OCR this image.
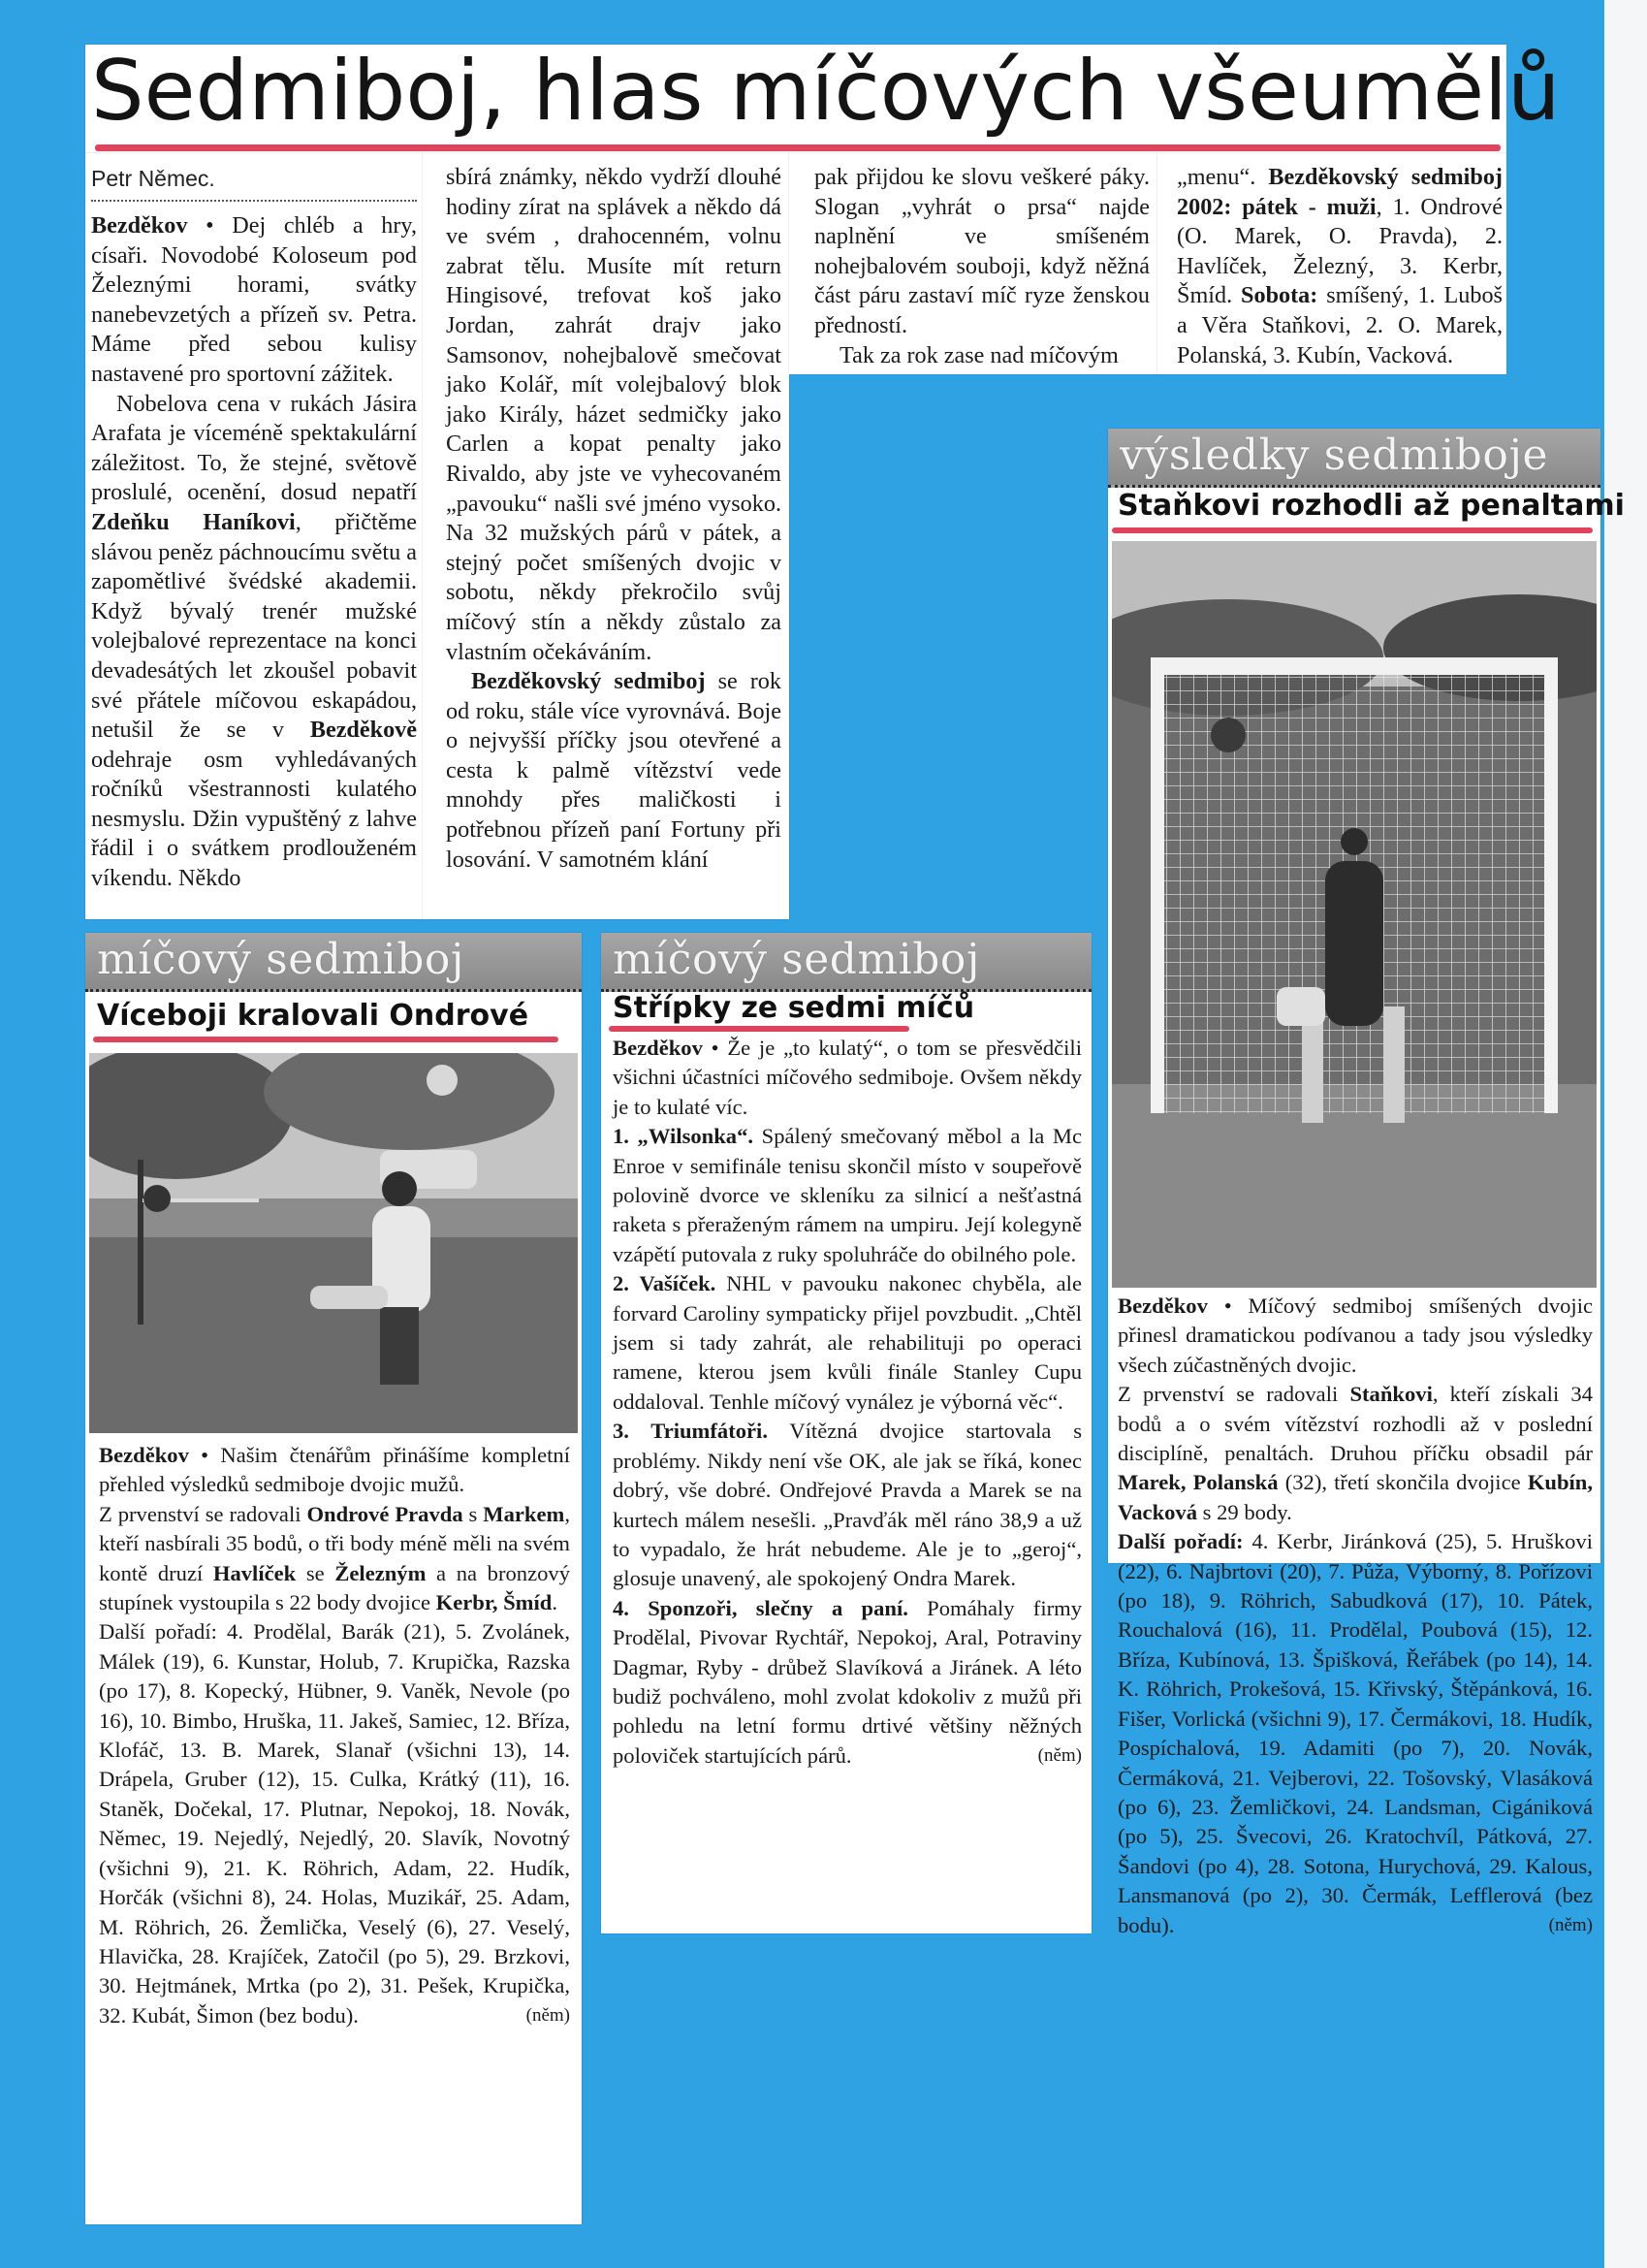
Sedmiboj, hlas míčových všeumělů
Petr Němec.

Bezděkov • Dej chléb a hry, císaři. Novodobé Koloseum pod Železnými horami, svátky nanebevzetých a přízeň sv. Petra. Máme před sebou kulisy nastavené pro sportovní zážitek.

Nobelova cena v rukách Jásira Arafata je víceméně spektakulární záležitost. To, že stejné, světově proslulé, ocenění, dosud nepatří Zdeňku Haníkovi, přičtěme slávou peněz páchnoucímu světu a zapomětlivé švédské akademii. Když bývalý trenér mužské volejbalové reprezentace na konci devadesátých let zkoušel pobavit své přátele míčovou eskapádou, netušil že se v Bezděkově odehraje osm vyhledávaných ročníků všestrannosti kulatého nesmyslu. Džin vypuštěný z lahve řádil i o svátkem prodlouženém víkendu. Někdo

sbírá známky, někdo vydrží dlouhé hodiny zírat na splávek a někdo dá ve svém , drahocenném, volnu zabrat tělu. Musíte mít return Hingisové, trefovat koš jako Jordan, zahrát drajv jako Samsonov, nohejbalově smečovat jako Kolář, mít volejbalový blok jako Király, házet sedmičky jako Carlen a kopat penalty jako Rivaldo, aby jste ve vyhecovaném „pavouku“ našli své jméno vysoko. Na 32 mužských párů v pátek, a stejný počet smíšených dvojic v sobotu, někdy překročilo svůj míčový stín a někdy zůstalo za vlastním očekáváním.

Bezděkovský sedmiboj se rok od roku, stále více vyrovnává. Boje o nejvyšší příčky jsou otevřené a cesta k palmě vítězství vede mnohdy přes maličkosti i potřebnou přízeň paní Fortuny při losování. V samotném klání

pak přijdou ke slovu veškeré páky. Slogan „vyhrát o prsa“ najde naplnění ve smíšeném nohejbalovém souboji, když něžná část páru zastaví míč ryze ženskou předností.

Tak za rok zase nad míčovým

„menu“. Bezděkovský sedmiboj 2002: pátek - muži, 1. Ondrové (O. Marek, O. Pravda), 2. Havlíček, Železný, 3. Kerbr, Šmíd. Sobota: smíšený, 1. Luboš a Věra Staňkovi, 2. O. Marek, Polanská, 3. Kubín, Vacková.

výsledky sedmiboje
Staňkovi rozhodli až penaltami

Bezděkov • Míčový sedmiboj smíšených dvojic přinesl dramatickou podívanou a tady jsou výsledky všech zúčastněných dvojic.

Z prvenství se radovali Staňkovi, kteří získali 34 bodů a o svém vítězství rozhodli až v poslední disciplíně, penaltách. Druhou příčku obsadil pár Marek, Polanská (32), třetí skončila dvojice Kubín, Vacková s 29 body.

Další pořadí: 4. Kerbr, Jiránková (25), 5. Hruškovi (22), 6. Najbrtovi (20), 7. Půža, Výborný, 8. Pořízovi (po 18), 9. Röhrich, Sabudková (17), 10. Pátek, Rouchalová (16), 11. Prodělal, Poubová (15), 12. Bříza, Kubínová, 13. Špišková, Řeřábek (po 14), 14. K. Röhrich, Prokešová, 15. Křivský, Štěpánková, 16. Fišer, Vorlická (všichni 9), 17. Čermákovi, 18. Hudík, Pospíchalová, 19. Adamiti (po 7), 20. Novák, Čermáková, 21. Vejberovi, 22. Tošovský, Vlasáková (po 6), 23. Žemličkovi, 24. Landsman, Cigániková (po 5), 25. Švecovi, 26. Kratochvíl, Pátková, 27. Šandovi (po 4), 28. Sotona, Hurychová, 29. Kalous, Lansmanová (po 2), 30. Čermák, Lefflerová (bez bodu).	(něm)

míčový sedmiboj
Víceboji kralovali Ondrové

Bezděkov • Našim čtenářům přinášíme kompletní přehled výsledků sedmiboje dvojic mužů.

Z prvenství se radovali Ondrové Pravda s Markem, kteří nasbírali 35 bodů, o tři body méně měli na svém kontě druzí Havlíček se Železným a na bronzový stupínek vystoupila s 22 body dvojice Kerbr, Šmíd.

Další pořadí: 4. Prodělal, Barák (21), 5. Zvolánek, Málek (19), 6. Kunstar, Holub, 7. Krupička, Razska (po 17), 8. Kopecký, Hübner, 9. Vaněk, Nevole (po 16), 10. Bimbo, Hruška, 11. Jakeš, Samiec, 12. Bříza, Klofáč, 13. B. Marek, Slanař (všichni 13), 14. Drápela, Gruber (12), 15. Culka, Krátký (11), 16. Staněk, Dočekal, 17. Plutnar, Nepokoj, 18. Novák, Němec, 19. Nejedlý, Nejedlý, 20. Slavík, Novotný (všichni 9), 21. K. Röhrich, Adam, 22. Hudík, Horčák (všichni 8), 24. Holas, Muzikář, 25. Adam, M. Röhrich, 26. Žemlička, Veselý (6), 27. Veselý, Hlavička, 28. Krajíček, Zatočil (po 5), 29. Brzkovi, 30. Hejtmánek, Mrtka (po 2), 31. Pešek, Krupička, 32. Kubát, Šimon (bez bodu).	(něm)

míčový sedmiboj
Střípky ze sedmi míčů

Bezděkov • Že je „to kulatý“, o tom se přesvědčili všichni účastníci míčového sedmiboje. Ovšem někdy je to kulaté víc.

1. „Wilsonka“. Spálený smečovaný měbol a la Mc Enroe v semifinále tenisu skončil místo v soupeřově polovině dvorce ve skleníku za silnicí a nešťastná raketa s přeraženým rámem na umpiru. Její kolegyně vzápětí putovala z ruky spoluhráče do obilného pole.

2. Vašíček. NHL v pavouku nakonec chyběla, ale forvard Caroliny sympaticky přijel povzbudit. „Chtěl jsem si tady zahrát, ale rehabilituji po operaci ramene, kterou jsem kvůli finále Stanley Cupu oddaloval. Tenhle míčový vynález je výborná věc“.

3. Triumfátoři. Vítězná dvojice startovala s problémy. Nikdy není vše OK, ale jak se říká, konec dobrý, vše dobré. Ondřejové Pravda a Marek se na kurtech málem nesešli. „Pravďák měl ráno 38,9 a už to vypadalo, že hrát nebudeme. Ale je to „geroj“, glosuje unavený, ale spokojený Ondra Marek.

4. Sponzoři, slečny a paní. Pomáhaly firmy Prodělal, Pivovar Rychtář, Nepokoj, Aral, Potraviny Dagmar, Ryby - drůbež Slavíková a Jiránek. A léto budiž pochváleno, mohl zvolat kdokoliv z mužů při pohledu na letní formu drtivé většiny něžných poloviček startujících párů.	(něm)
